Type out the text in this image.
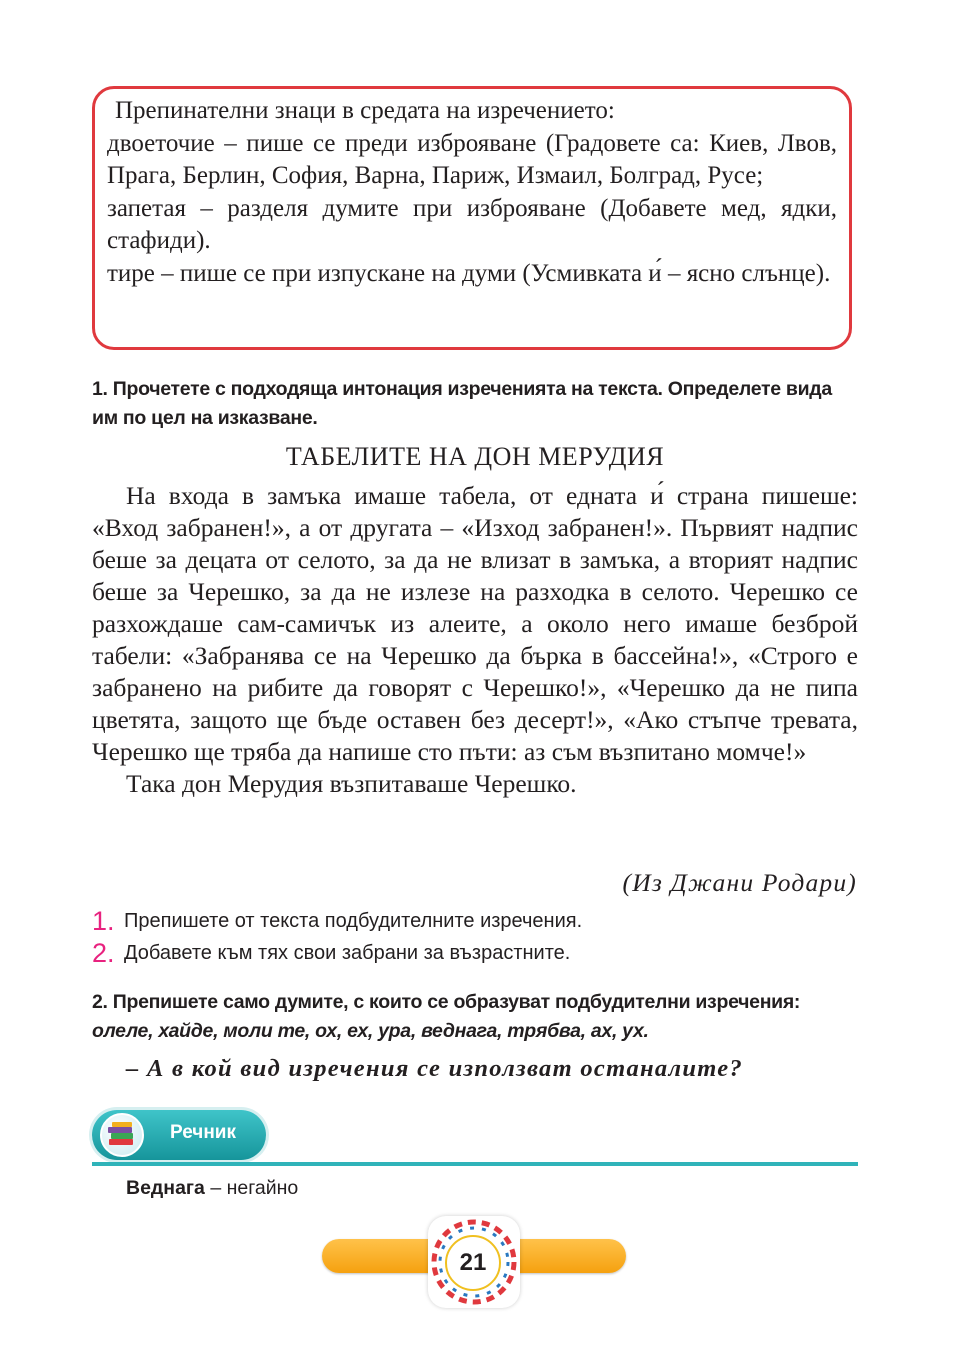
Препинателни знаци в средата на изречението:

двоеточие – пише се преди изброяване (Градовете са: Киев, Лвов, Прага, Берлин, София, Варна, Париж, Измаил, Болград, Русе;

запетая – разделя думите при изброяване (Добавете мед, ядки, стафиди).

тире – пише се при изпускане на думи (Усмивката и́ – ясно слънце).

1. Прочетете с подходяща интонация изреченията на текста. Определете вида им по цел на изказване.
ТАБЕЛИТЕ НА ДОН МЕРУДИЯ

На входа в замъка имаше табела, от едната и́ страна пишеше: «Вход забранен!», а от другата – «Изход забранен!». Първият надпис беше за децата от селото, за да не влизат в замъка, а вторият надпис беше за Черешко, за да не излезе на разходка в селото. Черешко се разхождаше сам-самичък из алеите, а около него имаше безброй табели: «Забранява се на Черешко да бърка в бассейна!», «Строго е забранено на рибите да говорят с Черешко!», «Черешко да не пипа цветята, защото ще бъде оставен без десерт!», «Ако стъпче тревата, Черешко ще тряба да напише сто пъти: аз съм възпитано момче!»

Така дон Мерудия възпитаваше Черешко.

(Из Джани Родари)
1. Препишете от текста подбудителните изречения.
2. Добавете към тях свои забрани за възрастните.
2. Препишете само думите, с които се образуват подбудителни изречения: олеле, хайде, моли те, ох, ех, ура, веднага, трябва, ах, ух.
– А в кой вид изречения се използват останалите?
Речник
Веднага – негайно
21
